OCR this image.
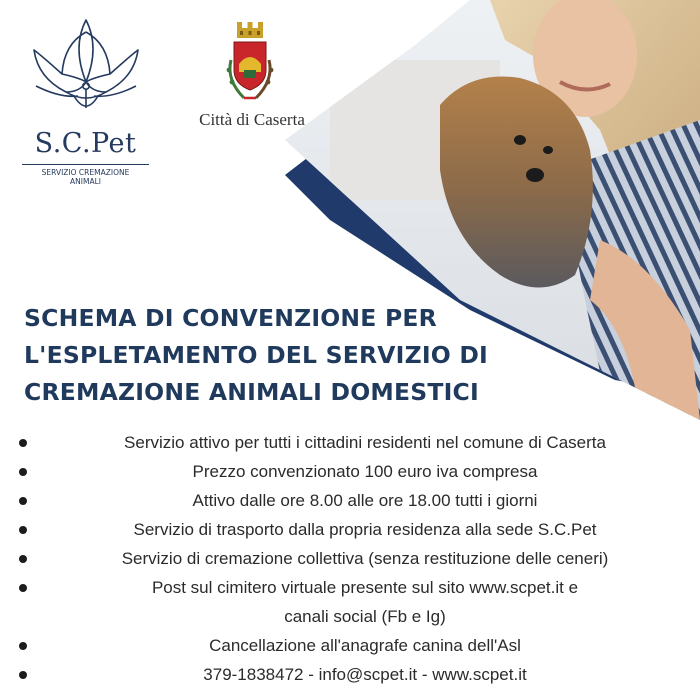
S.C.Pet
SERVIZIO CREMAZIONE
ANIMALI
Città di Caserta
SCHEMA DI CONVENZIONE PER
L'ESPLETAMENTO DEL SERVIZIO DI
CREMAZIONE ANIMALI DOMESTICI
Servizio attivo per tutti i cittadini residenti nel comune di Caserta
Prezzo convenzionato 100 euro iva compresa
Attivo dalle ore 8.00 alle ore 18.00 tutti i giorni
Servizio di trasporto dalla propria residenza alla sede S.C.Pet
Servizio di cremazione collettiva (senza restituzione delle ceneri)
Post sul cimitero virtuale presente sul sito www.scpet.it e
canali social (Fb e Ig)
Cancellazione all'anagrafe canina dell'Asl
379-1838472 - info@scpet.it - www.scpet.it
